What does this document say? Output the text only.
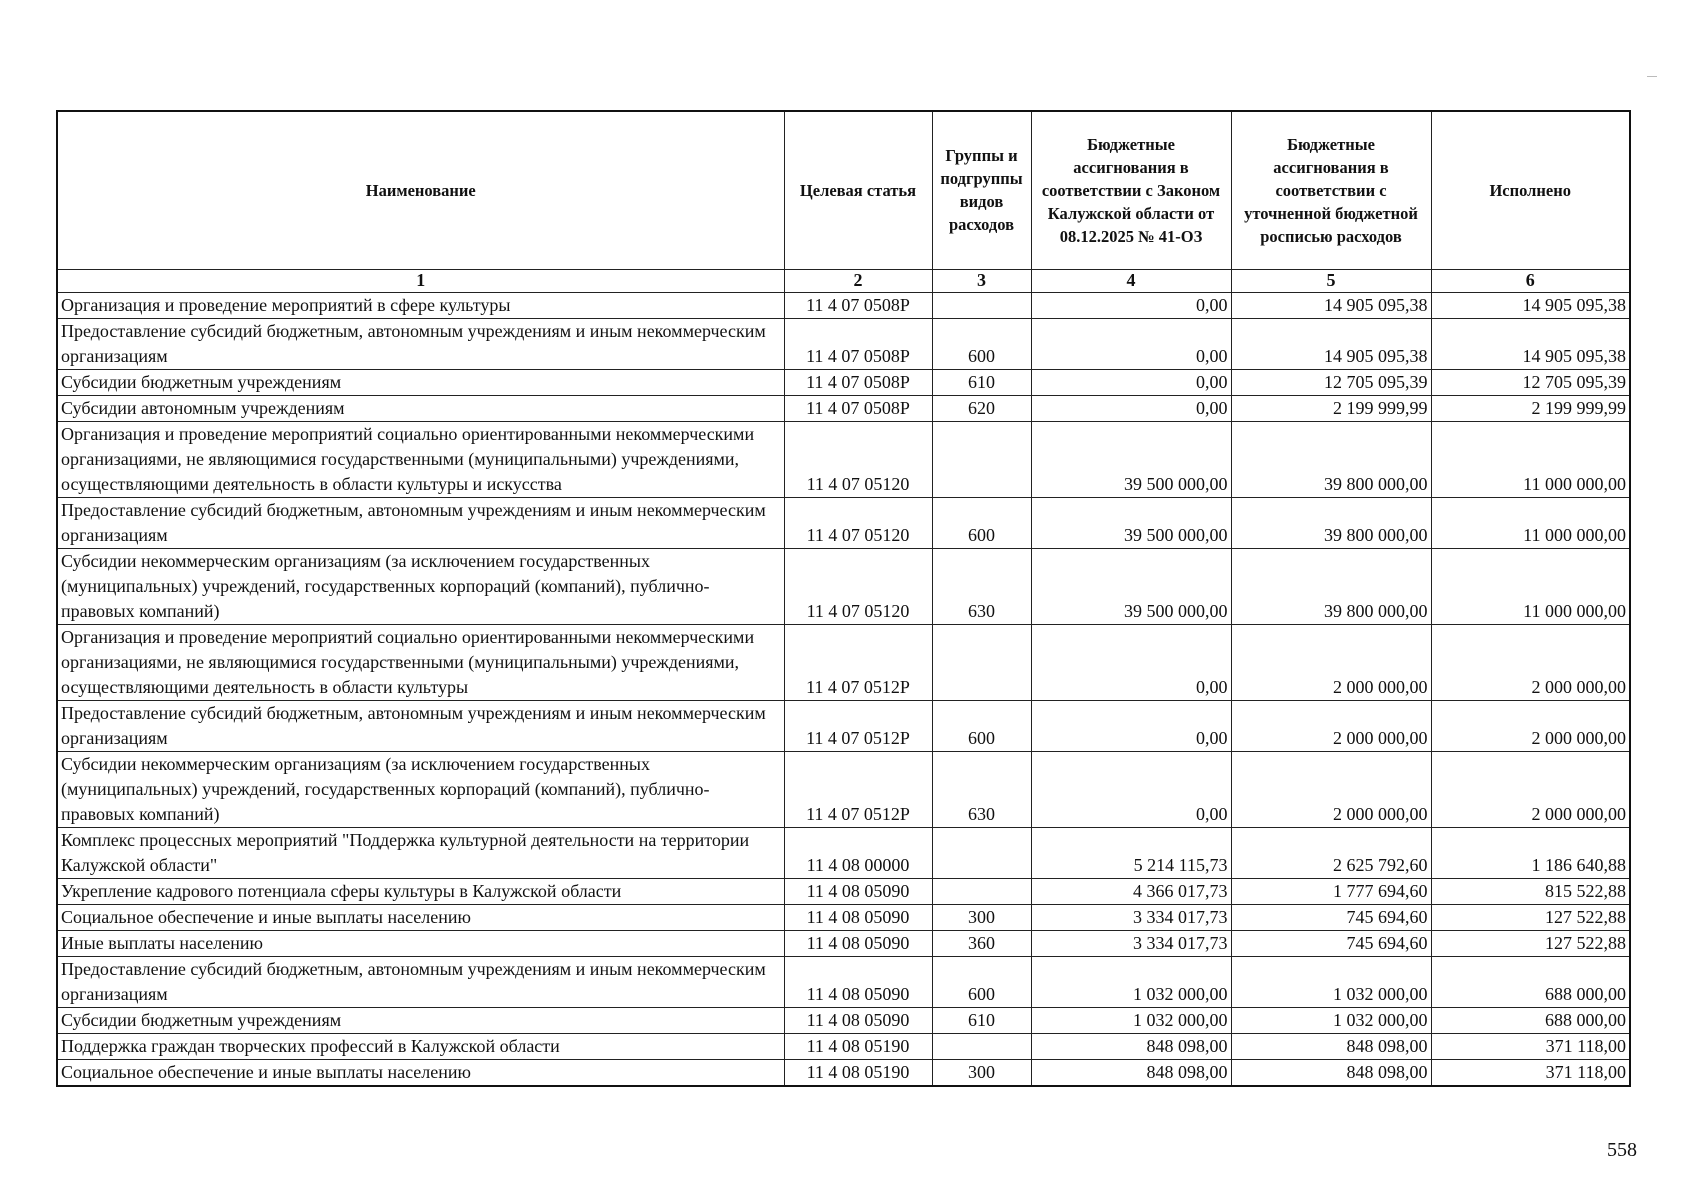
Наименование	Целевая статья	Группы и подгруппы видов расходов	Бюджетные ассигнования в соответствии с Законом Калужской области от 08.12.2025 № 41-ОЗ	Бюджетные ассигнования в соответствии с уточненной бюджетной росписью расходов	Исполнено
1	2	3	4	5	6
Организация и проведение мероприятий в сфере культуры	11 4 07 0508Р		0,00	14 905 095,38	14 905 095,38
Предоставление субсидий бюджетным, автономным учреждениям и иным некоммерческим организациям	11 4 07 0508Р	600	0,00	14 905 095,38	14 905 095,38
Субсидии бюджетным учреждениям	11 4 07 0508Р	610	0,00	12 705 095,39	12 705 095,39
Субсидии автономным учреждениям	11 4 07 0508Р	620	0,00	2 199 999,99	2 199 999,99
Организация и проведение мероприятий социально ориентированными некоммерческими организациями, не являющимися государственными (муниципальными) учреждениями, осуществляющими деятельность в области культуры и искусства	11 4 07 05120		39 500 000,00	39 800 000,00	11 000 000,00
Предоставление субсидий бюджетным, автономным учреждениям и иным некоммерческим организациям	11 4 07 05120	600	39 500 000,00	39 800 000,00	11 000 000,00
Субсидии некоммерческим организациям (за исключением государственных (муниципальных) учреждений, государственных корпораций (компаний), публично-правовых компаний)	11 4 07 05120	630	39 500 000,00	39 800 000,00	11 000 000,00
Организация и проведение мероприятий социально ориентированными некоммерческими организациями, не являющимися государственными (муниципальными) учреждениями, осуществляющими деятельность в области культуры	11 4 07 0512Р		0,00	2 000 000,00	2 000 000,00
Предоставление субсидий бюджетным, автономным учреждениям и иным некоммерческим организациям	11 4 07 0512Р	600	0,00	2 000 000,00	2 000 000,00
Субсидии некоммерческим организациям (за исключением государственных (муниципальных) учреждений, государственных корпораций (компаний), публично-правовых компаний)	11 4 07 0512Р	630	0,00	2 000 000,00	2 000 000,00
Комплекс процессных мероприятий "Поддержка культурной деятельности на территории Калужской области"	11 4 08 00000		5 214 115,73	2 625 792,60	1 186 640,88
Укрепление кадрового потенциала сферы культуры в Калужской области	11 4 08 05090		4 366 017,73	1 777 694,60	815 522,88
Социальное обеспечение и иные выплаты населению	11 4 08 05090	300	3 334 017,73	745 694,60	127 522,88
Иные выплаты населению	11 4 08 05090	360	3 334 017,73	745 694,60	127 522,88
Предоставление субсидий бюджетным, автономным учреждениям и иным некоммерческим организациям	11 4 08 05090	600	1 032 000,00	1 032 000,00	688 000,00
Субсидии бюджетным учреждениям	11 4 08 05090	610	1 032 000,00	1 032 000,00	688 000,00
Поддержка граждан творческих профессий в Калужской области	11 4 08 05190		848 098,00	848 098,00	371 118,00
Социальное обеспечение и иные выплаты населению	11 4 08 05190	300	848 098,00	848 098,00	371 118,00
558
